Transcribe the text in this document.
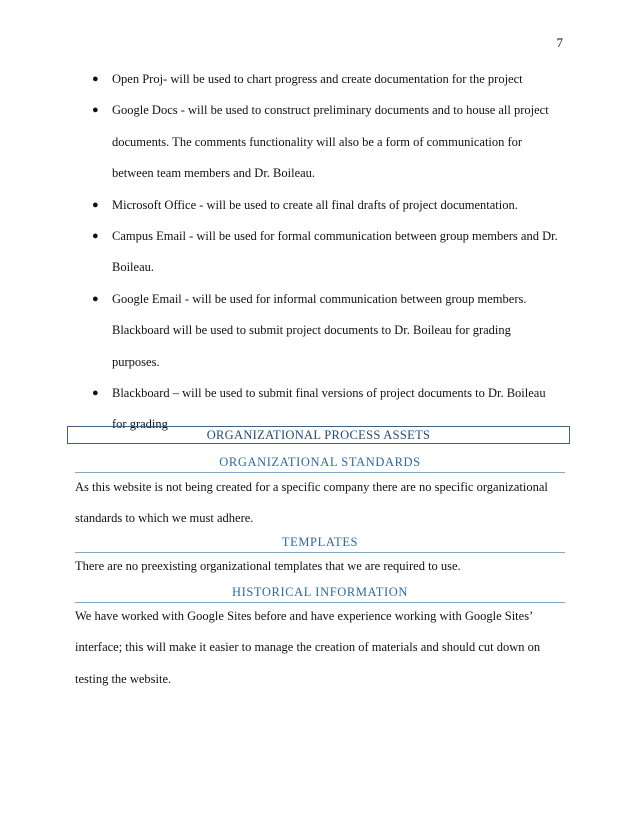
7
● Open Proj- will be used to chart progress and create documentation for the project
● Google Docs - will be used to construct preliminary documents and to house all project
documents. The comments functionality will also be a form of communication for
between team members and Dr. Boileau.
● Microsoft Office - will be used to create all final drafts of project documentation.
● Campus Email - will be used for formal communication between group members and Dr.
Boileau.
● Google Email - will be used for informal communication between group members.
Blackboard will be used to submit project documents to Dr. Boileau for grading
purposes.
● Blackboard – will be used to submit final versions of project documents to Dr. Boileau
for grading
ORGANIZATIONAL PROCESS ASSETS
ORGANIZATIONAL STANDARDS

As this website is not being created for a specific company there are no specific organizational
standards to which we must adhere.

TEMPLATES

There are no preexisting organizational templates that we are required to use.

HISTORICAL INFORMATION

We have worked with Google Sites before and have experience working with Google Sites’
interface; this will make it easier to manage the creation of materials and should cut down on
testing the website.
